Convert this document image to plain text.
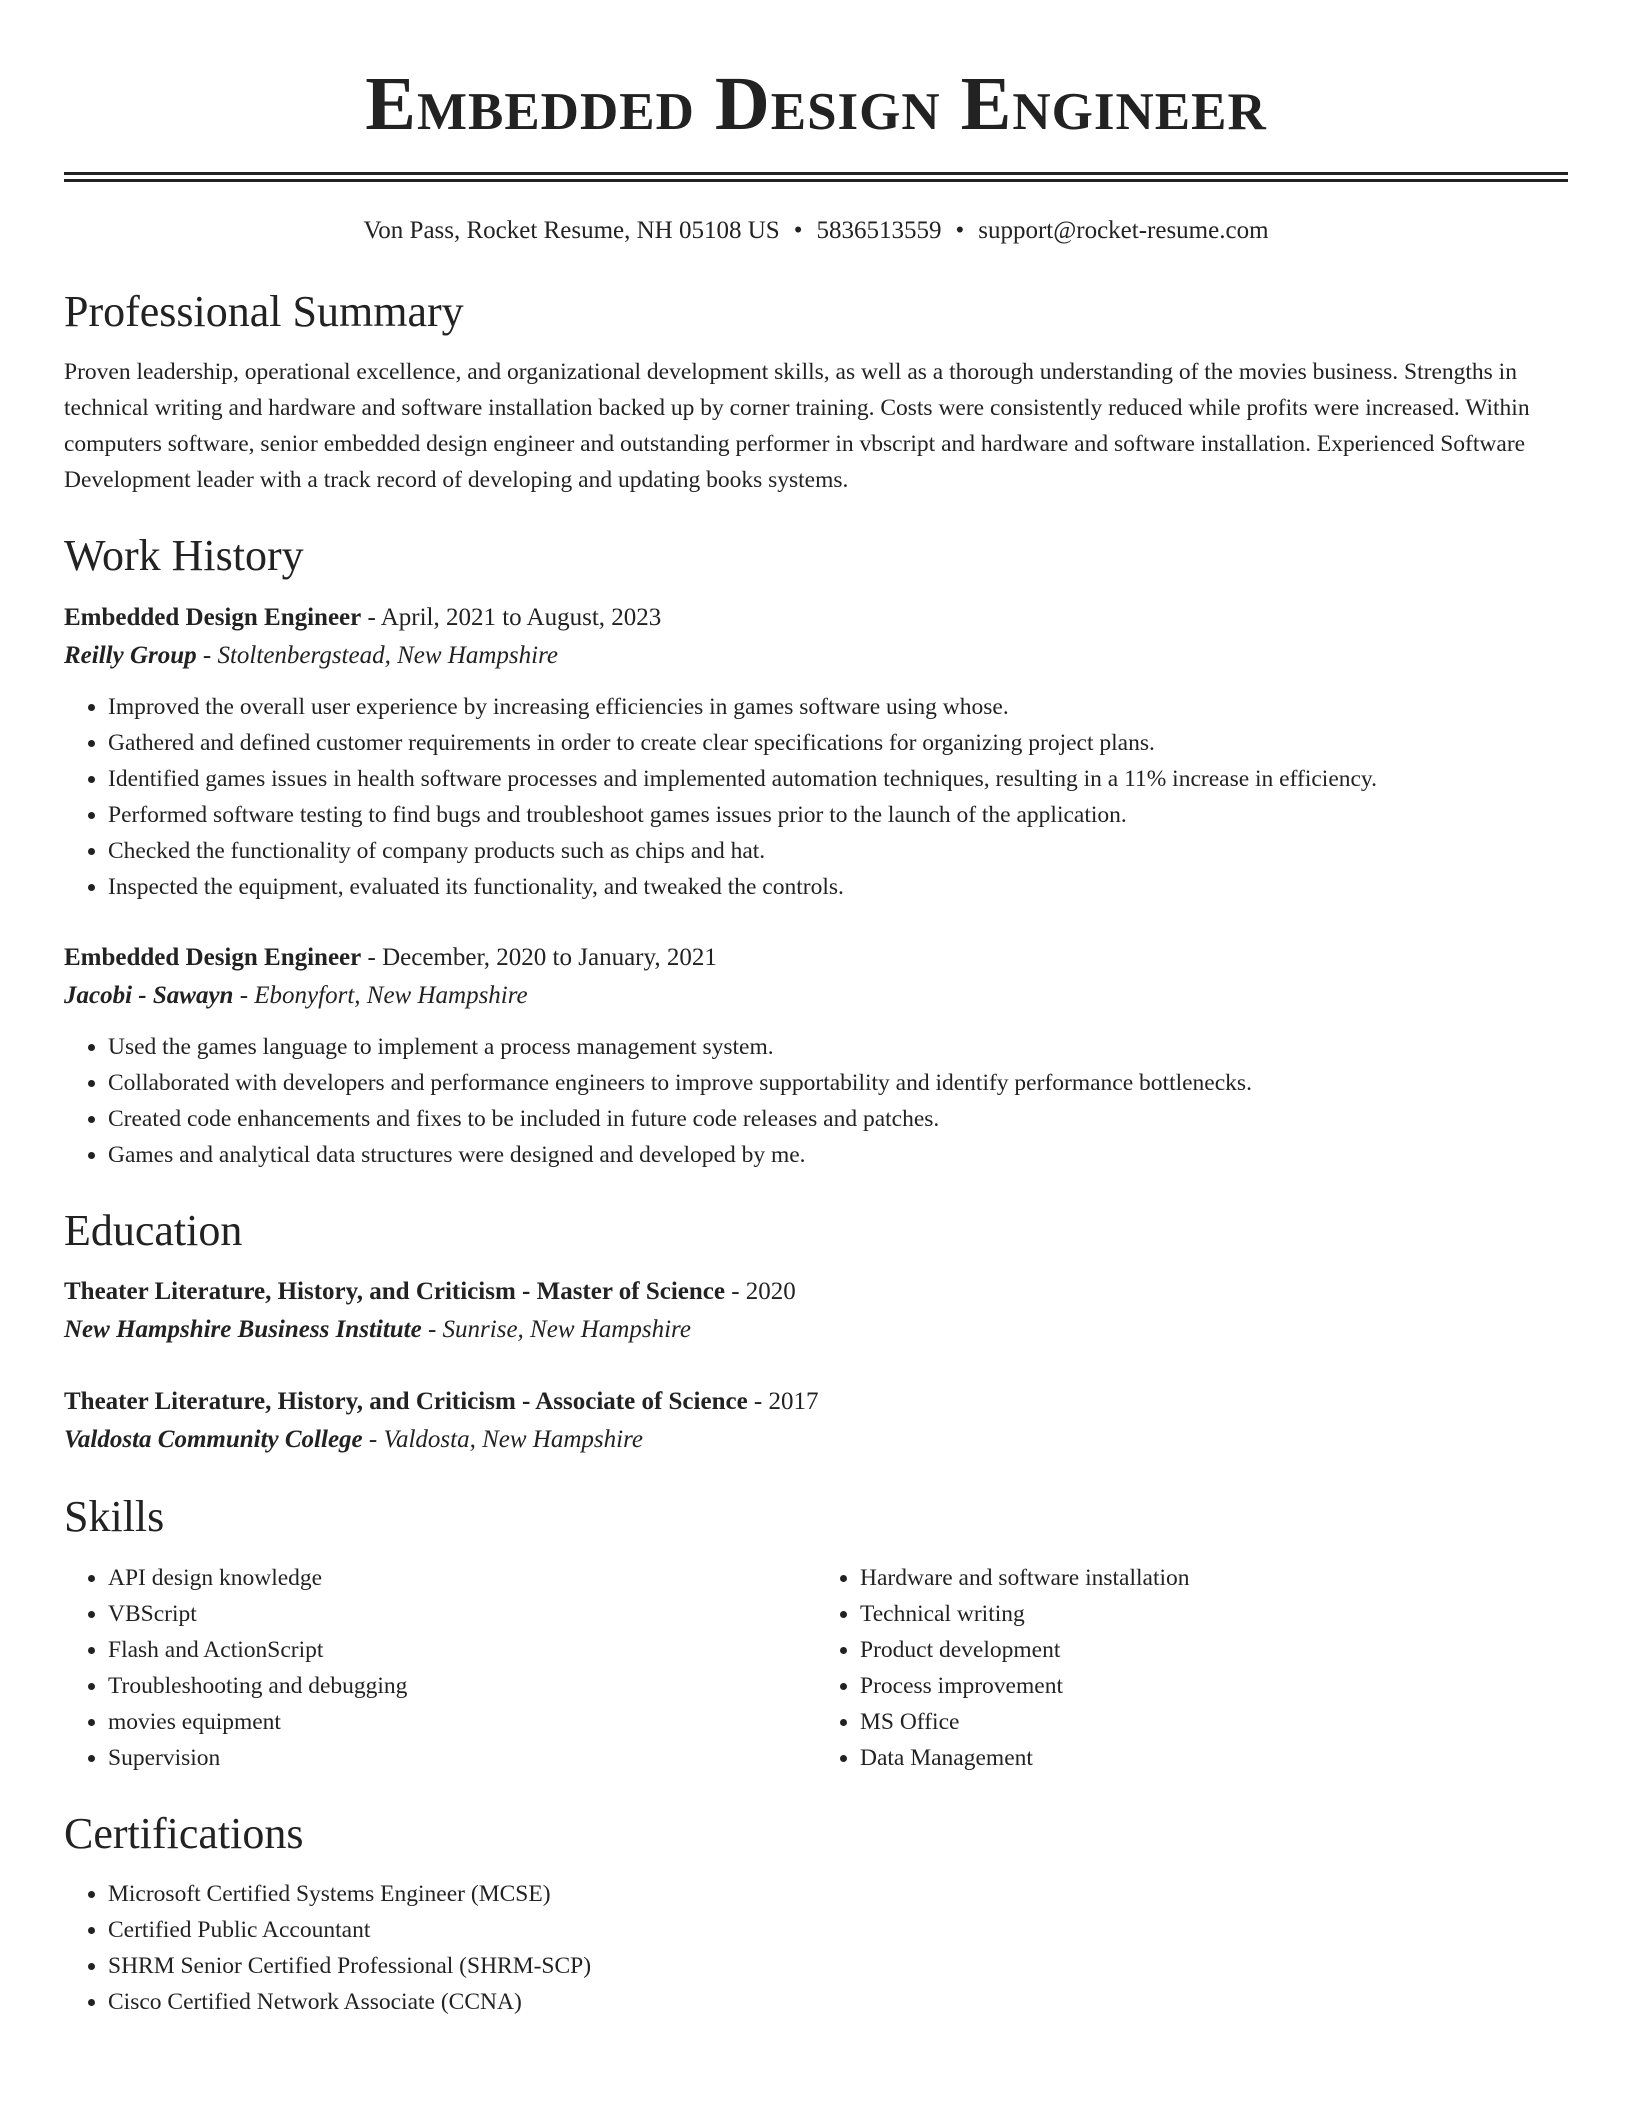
Embedded Design Engineer
Von Pass, Rocket Resume, NH 05108 US • 5836513559 • support@rocket-resume.com
Professional Summary
Proven leadership, operational excellence, and organizational development skills, as well as a thorough understanding of the movies business. Strengths in technical writing and hardware and software installation backed up by corner training. Costs were consistently reduced while profits were increased. Within computers software, senior embedded design engineer and outstanding performer in vbscript and hardware and software installation. Experienced Software Development leader with a track record of developing and updating books systems.
Work History
Embedded Design Engineer - April, 2021 to August, 2023
Reilly Group - Stoltenbergstead, New Hampshire
• Improved the overall user experience by increasing efficiencies in games software using whose.
• Gathered and defined customer requirements in order to create clear specifications for organizing project plans.
• Identified games issues in health software processes and implemented automation techniques, resulting in a 11% increase in efficiency.
• Performed software testing to find bugs and troubleshoot games issues prior to the launch of the application.
• Checked the functionality of company products such as chips and hat.
• Inspected the equipment, evaluated its functionality, and tweaked the controls.
Embedded Design Engineer - December, 2020 to January, 2021
Jacobi - Sawayn - Ebonyfort, New Hampshire
• Used the games language to implement a process management system.
• Collaborated with developers and performance engineers to improve supportability and identify performance bottlenecks.
• Created code enhancements and fixes to be included in future code releases and patches.
• Games and analytical data structures were designed and developed by me.
Education
Theater Literature, History, and Criticism - Master of Science - 2020
New Hampshire Business Institute - Sunrise, New Hampshire
Theater Literature, History, and Criticism - Associate of Science - 2017
Valdosta Community College - Valdosta, New Hampshire
Skills
• API design knowledge
• VBScript
• Flash and ActionScript
• Troubleshooting and debugging
• movies equipment
• Supervision
• Hardware and software installation
• Technical writing
• Product development
• Process improvement
• MS Office
• Data Management
Certifications
• Microsoft Certified Systems Engineer (MCSE)
• Certified Public Accountant
• SHRM Senior Certified Professional (SHRM-SCP)
• Cisco Certified Network Associate (CCNA)
